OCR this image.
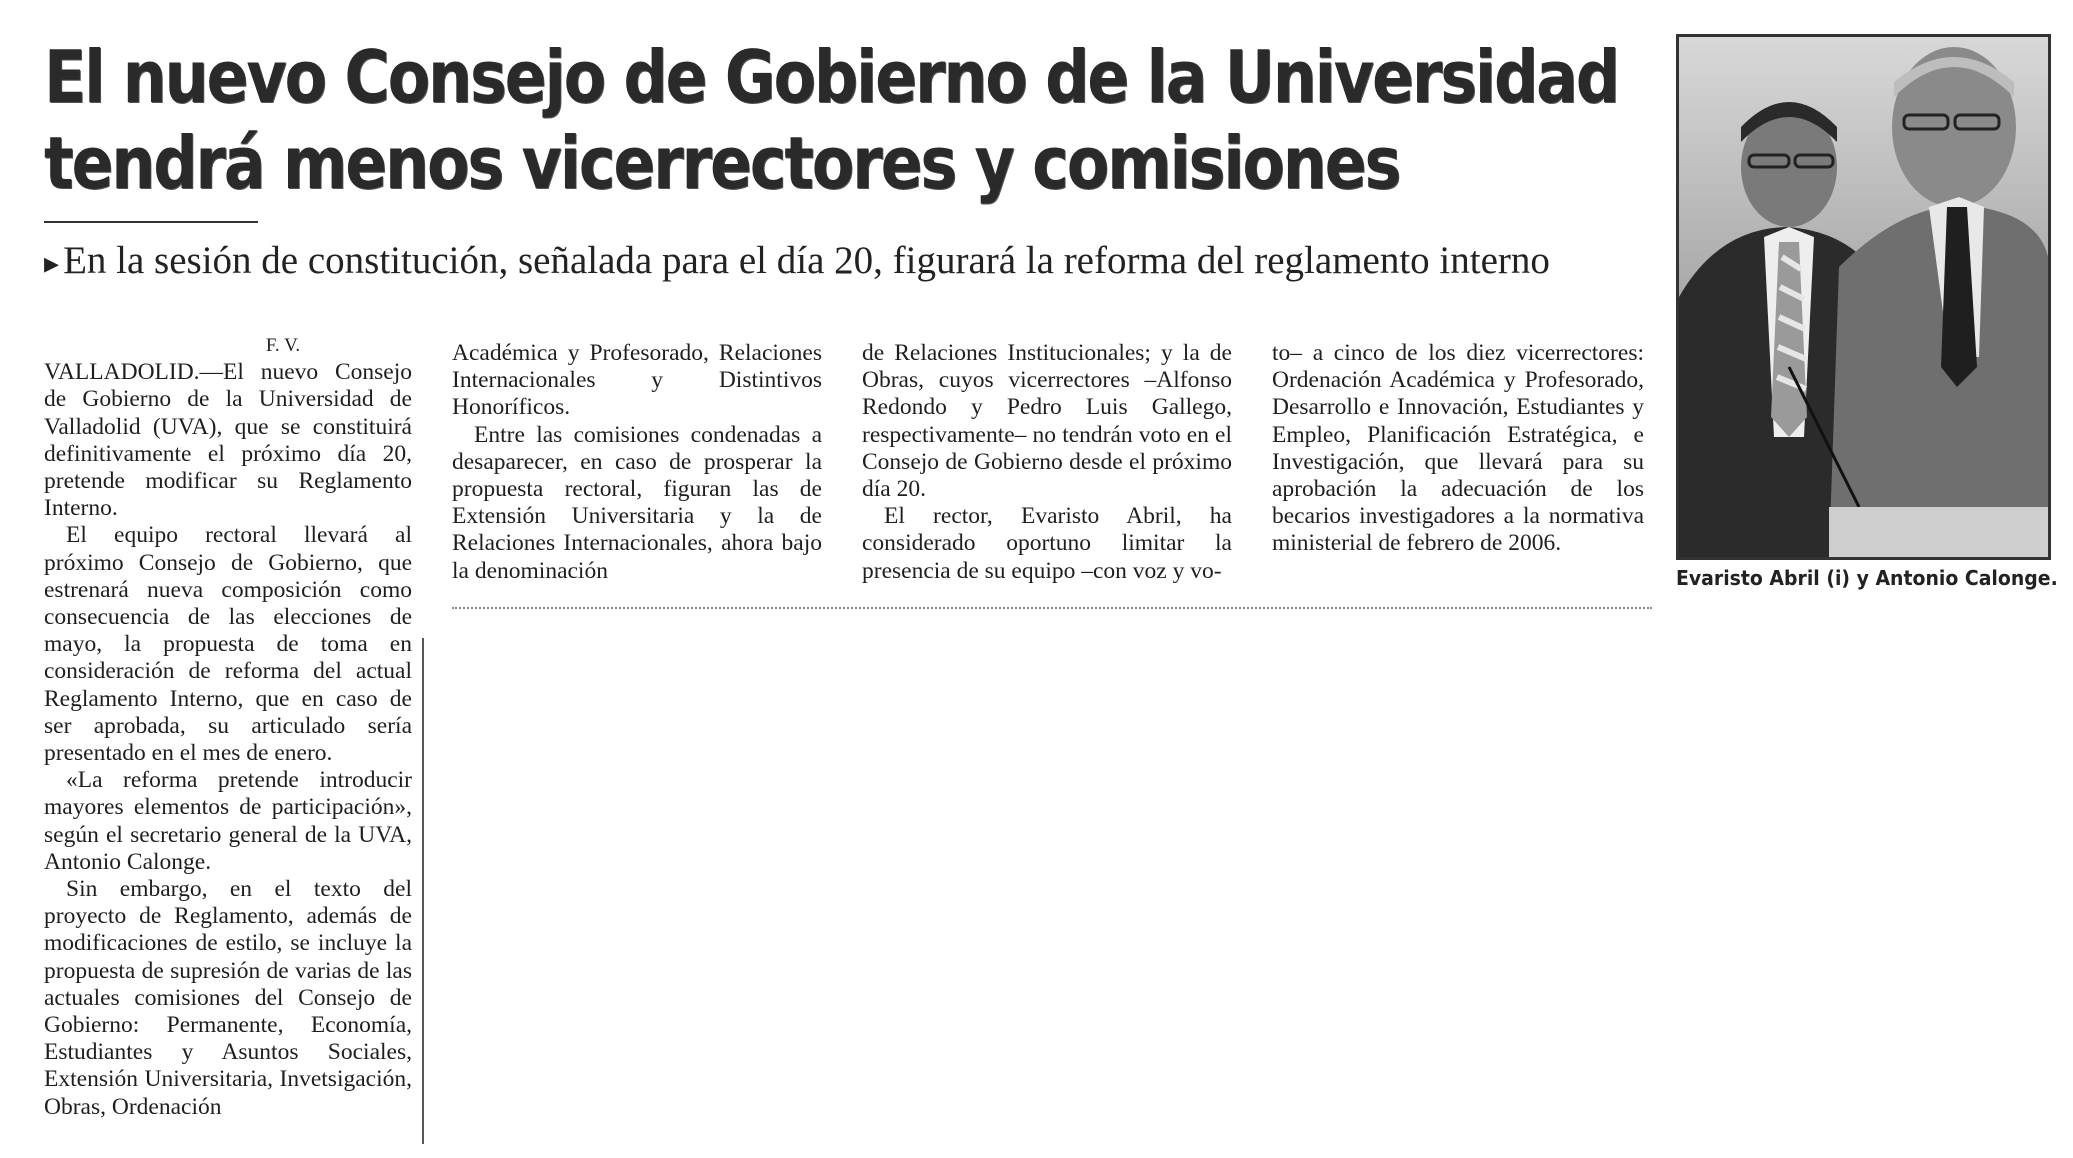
El nuevo Consejo de Gobierno de la Universidad
tendrá menos vicerrectores y comisiones
▸ En la sesión de constitución, señalada para el día 20, figurará la reforma del reglamento interno

F. V.

VALLADOLID.—El nuevo Consejo de Gobierno de la Universidad de Valladolid (UVA), que se constituirá definitivamente el próximo día 20, pretende modificar su Reglamento Interno.

El equipo rectoral llevará al próximo Consejo de Gobierno, que estrenará nueva composición como consecuencia de las elecciones de mayo, la propuesta de toma en consideración de reforma del actual Reglamento Interno, que en caso de ser aprobada, su articulado sería presentado en el mes de enero.

«La reforma pretende introducir mayores elementos de participación», según el secretario general de la UVA, Antonio Calonge.

Sin embargo, en el texto del proyecto de Reglamento, además de modificaciones de estilo, se incluye la propuesta de supresión de varias de las actuales comisiones del Consejo de Gobierno: Permanente, Economía, Estudiantes y Asuntos Sociales, Extensión Universitaria, Invetsigación, Obras, Ordenación

Académica y Profesorado, Relaciones Internacionales y Distintivos Honoríficos.

Entre las comisiones condenadas a desaparecer, en caso de prosperar la propuesta rectoral, figuran las de Extensión Universitaria y la de Relaciones Internacionales, ahora bajo la denominación

de Relaciones Institucionales; y la de Obras, cuyos vicerrectores –Alfonso Redondo y Pedro Luis Gallego, respectivamente– no tendrán voto en el Consejo de Gobierno desde el próximo día 20.

El rector, Evaristo Abril, ha considerado oportuno limitar la presencia de su equipo –con voz y vo-

to– a cinco de los diez vicerrectores: Ordenación Académica y Profesorado, Desarrollo e Innovación, Estudiantes y Empleo, Planificación Estratégica, e Investigación, que llevará para su aprobación la adecuación de los becarios investigadores a la normativa ministerial de febrero de 2006.

Evaristo Abril (i) y Antonio Calonge.
